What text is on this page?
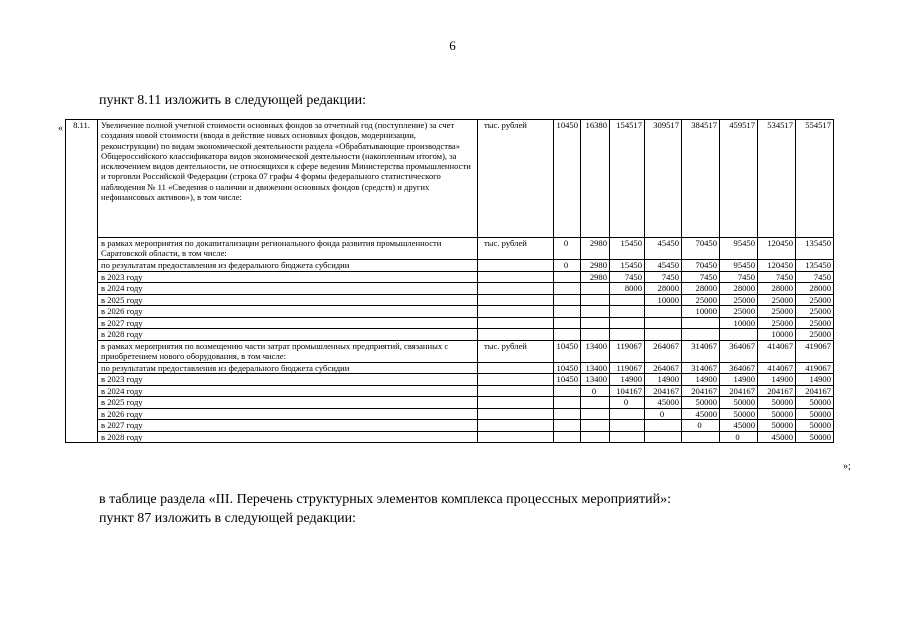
6
пункт 8.11 изложить в следующей редакции:
« 8.11.	Увеличение полной учетной стоимости основных фондов за отчетный год (поступление) за счет создания новой стоимости (ввода в действие новых основных фондов, модернизации, реконструкции) по видам экономической деятельности раздела «Обрабатывающие производства» Общероссийского классификатора видов экономической деятельности (накопленным итогом), за исключением видов деятельности, не относящихся к сфере ведения Министерства промышленности и торговли Российской Федерации (строка 07 графы 4 формы федерального статистического наблюдения № 11 «Сведения о наличии и движении основных фондов (средств) и других нефинансовых активов»), в том числе:	тыс. рублей	10450	16380	154517	309517	384517	459517	534517	554517
	в рамках мероприятия по докапитализации регионального фонда развития промышленности Саратовской области, в том числе:	тыс. рублей	0	2980	15450	45450	70450	95450	120450	135450
	по результатам предоставления из федерального бюджета субсидии		0	2980	15450	45450	70450	95450	120450	135450
	в 2023 году			2980	7450	7450	7450	7450	7450	7450
	в 2024 году				8000	28000	28000	28000	28000	28000
	в 2025 году					10000	25000	25000	25000	25000
	в 2026 году						10000	25000	25000	25000
	в 2027 году							10000	25000	25000
	в 2028 году								10000	25000
	в рамках мероприятия по возмещению части затрат промышленных предприятий, связанных с приобретением нового оборудования, в том числе:	тыс. рублей	10450	13400	119067	264067	314067	364067	414067	419067
	по результатам предоставления из федерального бюджета субсидии		10450	13400	119067	264067	314067	364067	414067	419067
	в 2023 году		10450	13400	14900	14900	14900	14900	14900	14900
	в 2024 году			0	104167	204167	204167	204167	204167	204167
	в 2025 году				0	45000	50000	50000	50000	50000
	в 2026 году					0	45000	50000	50000	50000
	в 2027 году						0	45000	50000	50000
	в 2028 году							0	45000	50000
»;
в таблице раздела «III. Перечень структурных элементов комплекса процессных мероприятий»:
пункт 87 изложить в следующей редакции:
